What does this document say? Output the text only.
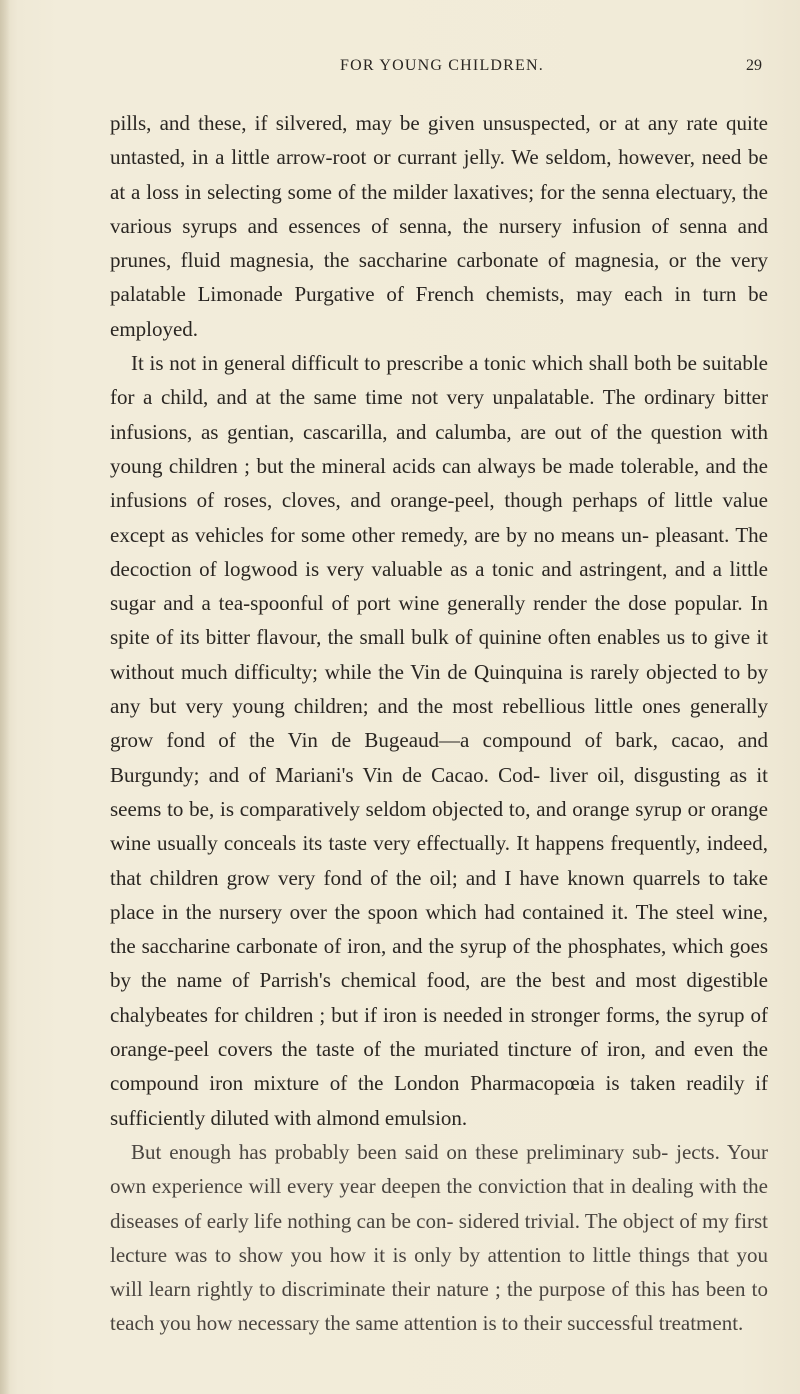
FOR YOUNG CHILDREN.	29

pills, and these, if silvered, may be given unsuspected, or at any rate quite untasted, in a little arrow-root or currant jelly. We seldom, however, need be at a loss in selecting some of the milder laxatives; for the senna electuary, the various syrups and essences of senna, the nursery infusion of senna and prunes, fluid magnesia, the saccharine carbonate of magnesia, or the very palatable Limonade Purgative of French chemists, may each in turn be employed.

It is not in general difficult to prescribe a tonic which shall both be suitable for a child, and at the same time not very unpalatable. The ordinary bitter infusions, as gentian, cascarilla, and calumba, are out of the question with young children ; but the mineral acids can always be made tolerable, and the infusions of roses, cloves, and orange-peel, though perhaps of little value except as vehicles for some other remedy, are by no means un- pleasant. The decoction of logwood is very valuable as a tonic and astringent, and a little sugar and a tea-spoonful of port wine generally render the dose popular. In spite of its bitter flavour, the small bulk of quinine often enables us to give it without much difficulty; while the Vin de Quinquina is rarely objected to by any but very young children; and the most rebellious little ones generally grow fond of the Vin de Bugeaud—a compound of bark, cacao, and Burgundy; and of Mariani's Vin de Cacao. Cod- liver oil, disgusting as it seems to be, is comparatively seldom objected to, and orange syrup or orange wine usually conceals its taste very effectually. It happens frequently, indeed, that children grow very fond of the oil; and I have known quarrels to take place in the nursery over the spoon which had contained it. The steel wine, the saccharine carbonate of iron, and the syrup of the phosphates, which goes by the name of Parrish's chemical food, are the best and most digestible chalybeates for children ; but if iron is needed in stronger forms, the syrup of orange-peel covers the taste of the muriated tincture of iron, and even the compound iron mixture of the London Pharmacopœia is taken readily if sufficiently diluted with almond emulsion.

But enough has probably been said on these preliminary sub- jects. Your own experience will every year deepen the conviction that in dealing with the diseases of early life nothing can be con- sidered trivial. The object of my first lecture was to show you how it is only by attention to little things that you will learn rightly to discriminate their nature ; the purpose of this has been to teach you how necessary the same attention is to their successful treatment.
